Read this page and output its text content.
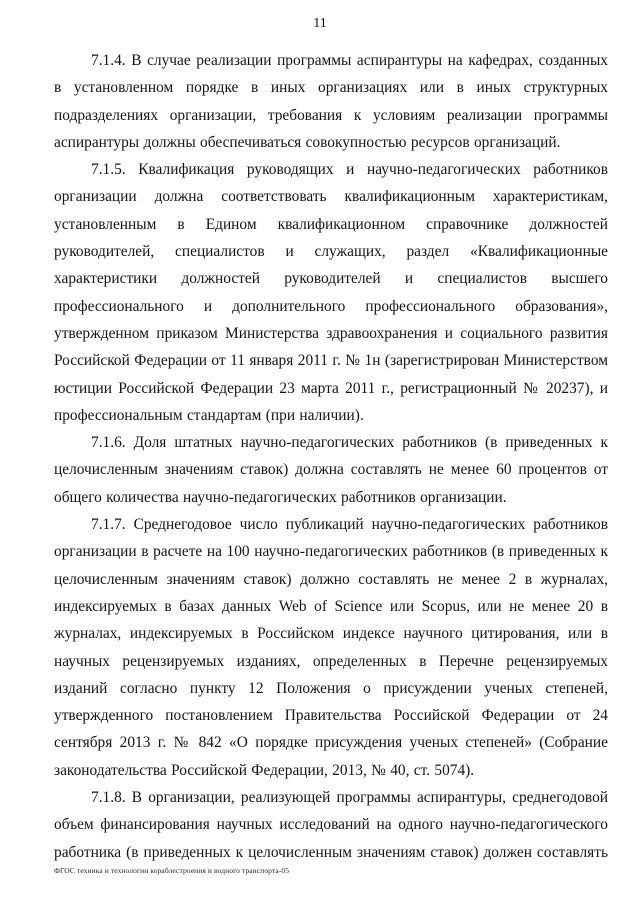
11

7.1.4. В случае реализации программы аспирантуры на кафедрах, созданных в установленном порядке в иных организациях или в иных структурных подразделениях организации, требования к условиям реализации программы аспирантуры должны обеспечиваться совокупностью ресурсов организаций.

7.1.5. Квалификация руководящих и научно-педагогических работников организации должна соответствовать квалификационным характеристикам, установленным в Едином квалификационном справочнике должностей руководителей, специалистов и служащих, раздел «Квалификационные характеристики должностей руководителей и специалистов высшего профессионального и дополнительного профессионального образования», утвержденном приказом Министерства здравоохранения и социального развития Российской Федерации от 11 января 2011 г. № 1н (зарегистрирован Министерством юстиции Российской Федерации 23 марта 2011 г., регистрационный № 20237), и профессиональным стандартам (при наличии).

7.1.6. Доля штатных научно-педагогических работников (в приведенных к целочисленным значениям ставок) должна составлять не менее 60 процентов от общего количества научно-педагогических работников организации.

7.1.7. Среднегодовое число публикаций научно-педагогических работников организации в расчете на 100 научно-педагогических работников (в приведенных к целочисленным значениям ставок) должно составлять не менее 2 в журналах, индексируемых в базах данных Web of Science или Scopus, или не менее 20 в журналах, индексируемых в Российском индексе научного цитирования, или в научных рецензируемых изданиях, определенных в Перечне рецензируемых изданий согласно пункту 12 Положения о присуждении ученых степеней, утвержденного постановлением Правительства Российской Федерации от 24 сентября 2013 г. № 842 «О порядке присуждения ученых степеней» (Собрание законодательства Российской Федерации, 2013, № 40, ст. 5074).

7.1.8. В организации, реализующей программы аспирантуры, среднегодовой объем финансирования научных исследований на одного научно-педагогического работника (в приведенных к целочисленным значениям ставок) должен составлять

ФГОС техника и технологии кораблестроения и водного транспорта-05
